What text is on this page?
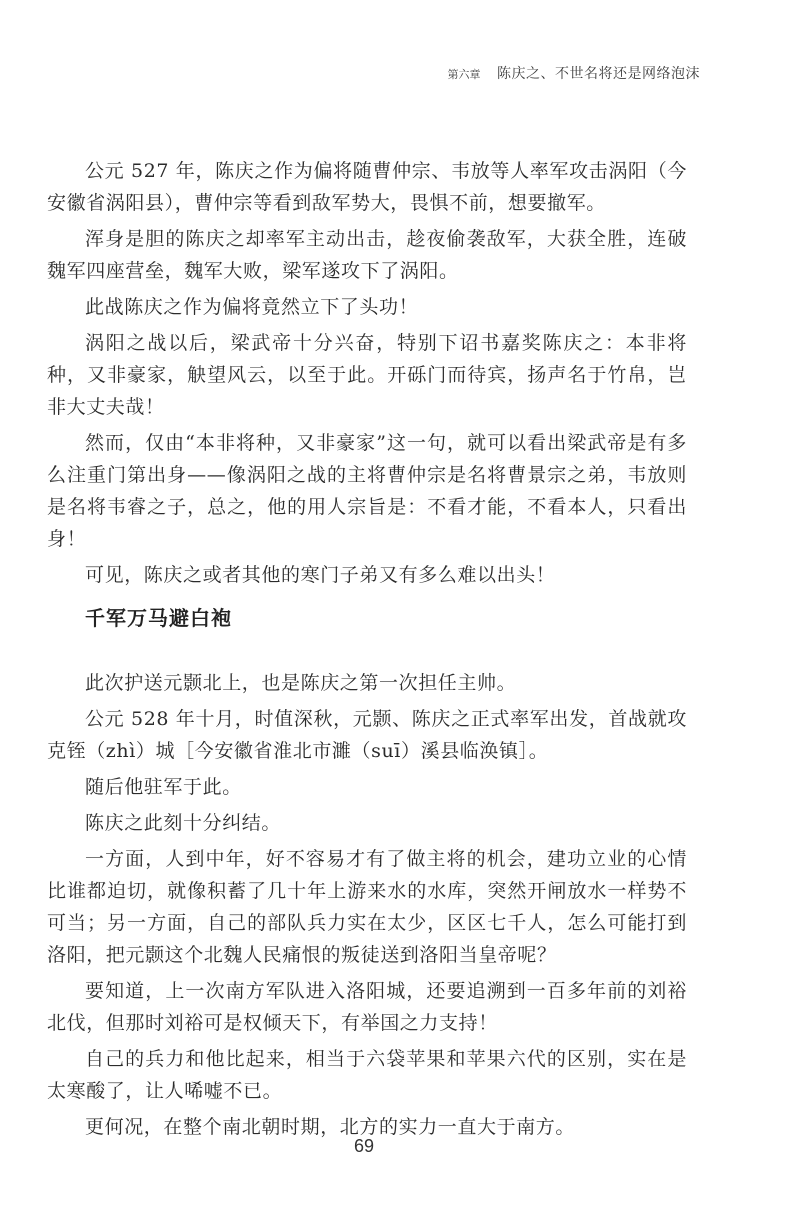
第六章 陈庆之、不世名将还是网络泡沫

公元 527 年，陈庆之作为偏将随曹仲宗、韦放等人率军攻击涡阳（今安徽省涡阳县），曹仲宗等看到敌军势大，畏惧不前，想要撤军。

浑身是胆的陈庆之却率军主动出击，趁夜偷袭敌军，大获全胜，连破魏军四座营垒，魏军大败，梁军遂攻下了涡阳。

此战陈庆之作为偏将竟然立下了头功！

涡阳之战以后，梁武帝十分兴奋，特别下诏书嘉奖陈庆之：本非将种，又非豪家，觖望风云，以至于此。开砾门而待宾，扬声名于竹帛，岂非大丈夫哉！

然而，仅由“本非将种，又非豪家”这一句，就可以看出梁武帝是有多么注重门第出身——像涡阳之战的主将曹仲宗是名将曹景宗之弟，韦放则是名将韦睿之子，总之，他的用人宗旨是：不看才能，不看本人，只看出身！

可见，陈庆之或者其他的寒门子弟又有多么难以出头！

千军万马避白袍

此次护送元颢北上，也是陈庆之第一次担任主帅。

公元 528 年十月，时值深秋，元颢、陈庆之正式率军出发，首战就攻克铚（zhì）城［今安徽省淮北市濉（suī）溪县临涣镇］。

随后他驻军于此。

陈庆之此刻十分纠结。

一方面，人到中年，好不容易才有了做主将的机会，建功立业的心情比谁都迫切，就像积蓄了几十年上游来水的水库，突然开闸放水一样势不可当；另一方面，自己的部队兵力实在太少，区区七千人，怎么可能打到洛阳，把元颢这个北魏人民痛恨的叛徒送到洛阳当皇帝呢？

要知道，上一次南方军队进入洛阳城，还要追溯到一百多年前的刘裕北伐，但那时刘裕可是权倾天下，有举国之力支持！

自己的兵力和他比起来，相当于六袋苹果和苹果六代的区别，实在是太寒酸了，让人唏嘘不已。

更何况，在整个南北朝时期，北方的实力一直大于南方。

69
